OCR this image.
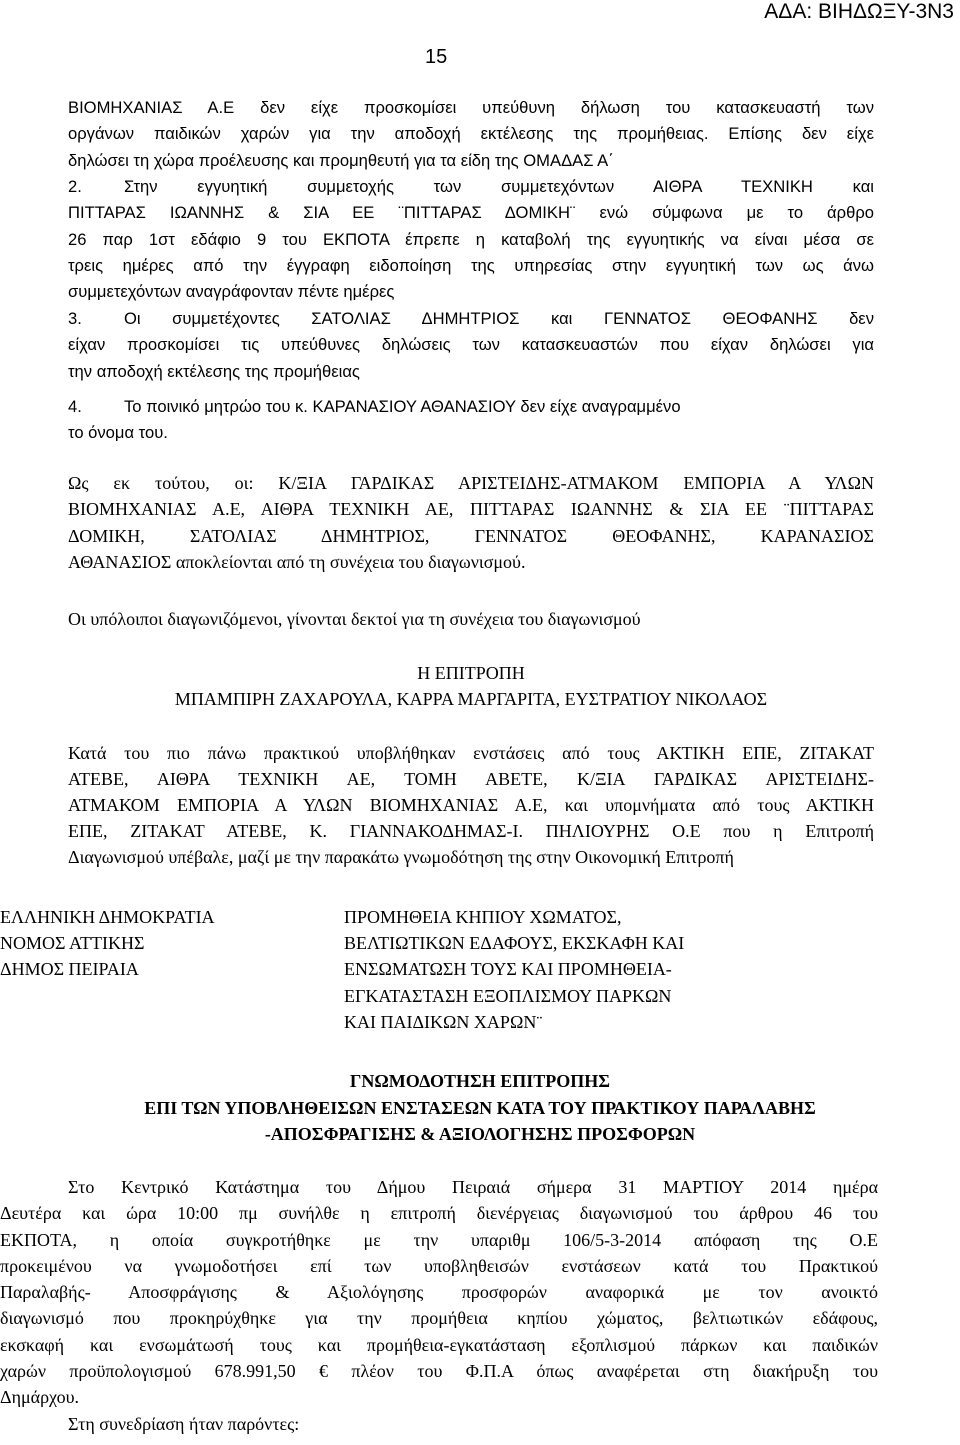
ΑΔΑ: ΒΙΗΔΩΞΥ-3Ν3
15
ΒΙΟΜΗΧΑΝΙΑΣ Α.Ε δεν είχε προσκομίσει υπεύθυνη δήλωση του κατασκευαστή των
οργάνων παιδικών χαρών για την αποδοχή εκτέλεσης της προμήθειας. Επίσης δεν είχε
δηλώσει τη χώρα προέλευσης και προμηθευτή για τα είδη της ΟΜΑΔΑΣ Α΄
2.	Στην εγγυητική συμμετοχής των συμμετεχόντων ΑΙΘΡΑ ΤΕΧΝΙΚΗ και
ΠΙΤΤΑΡΑΣ ΙΩΑΝΝΗΣ & ΣΙΑ ΕΕ ¨ΠΙΤΤΑΡΑΣ ΔΟΜΙΚΗ¨ ενώ σύμφωνα με το άρθρο
26 παρ 1στ εδάφιο 9 του ΕΚΠΟΤΑ έπρεπε η καταβολή της εγγυητικής να είναι μέσα σε
τρεις ημέρες από την έγγραφη ειδοποίηση της υπηρεσίας στην εγγυητική των ως άνω
συμμετεχόντων αναγράφονταν πέντε ημέρες
3.	Οι συμμετέχοντες ΣΑΤΟΛΙΑΣ ΔΗΜΗΤΡΙΟΣ και ΓΕΝΝΑΤΟΣ ΘΕΟΦΑΝΗΣ δεν
είχαν προσκομίσει τις υπεύθυνες δηλώσεις των κατασκευαστών που είχαν δηλώσει για
την αποδοχή εκτέλεσης της προμήθειας
4.	Το ποινικό μητρώο του κ. ΚΑΡΑΝΑΣΙΟΥ ΑΘΑΝΑΣΙΟΥ δεν είχε αναγραμμένο
το όνομα του.
Ως εκ τούτου, οι: Κ/ΞΙΑ ΓΑΡΔΙΚΑΣ ΑΡΙΣΤΕΙΔΗΣ-ΑΤΜΑΚΟΜ ΕΜΠΟΡΙΑ Α ΥΛΩΝ
ΒΙΟΜΗΧΑΝΙΑΣ Α.Ε, ΑΙΘΡΑ ΤΕΧΝΙΚΗ ΑΕ, ΠΙΤΤΑΡΑΣ ΙΩΑΝΝΗΣ & ΣΙΑ ΕΕ ¨ΠΙΤΤΑΡΑΣ
ΔΟΜΙΚΗ, ΣΑΤΟΛΙΑΣ ΔΗΜΗΤΡΙΟΣ, ΓΕΝΝΑΤΟΣ ΘΕΟΦΑΝΗΣ, ΚΑΡΑΝΑΣΙΟΣ
ΑΘΑΝΑΣΙΟΣ αποκλείονται από τη συνέχεια του διαγωνισμού.
Οι υπόλοιποι διαγωνιζόμενοι, γίνονται δεκτοί για τη συνέχεια του διαγωνισμού
Η ΕΠΙΤΡΟΠΗ
ΜΠΑΜΠΙΡΗ ΖΑΧΑΡΟΥΛΑ, ΚΑΡΡΑ ΜΑΡΓΑΡΙΤΑ, ΕΥΣΤΡΑΤΙΟΥ ΝΙΚΟΛΑΟΣ
Κατά του πιο πάνω πρακτικού υποβλήθηκαν ενστάσεις από τους ΑΚΤΙΚΗ ΕΠΕ, ΖΙΤΑΚΑΤ
ΑΤΕΒΕ, ΑΙΘΡΑ ΤΕΧΝΙΚΗ ΑΕ, ΤΟΜΗ ΑΒΕΤΕ, Κ/ΞΙΑ ΓΑΡΔΙΚΑΣ ΑΡΙΣΤΕΙΔΗΣ-
ΑΤΜΑΚΟΜ ΕΜΠΟΡΙΑ Α ΥΛΩΝ ΒΙΟΜΗΧΑΝΙΑΣ Α.Ε, και υπομνήματα από τους ΑΚΤΙΚΗ
ΕΠΕ, ΖΙΤΑΚΑΤ ΑΤΕΒΕ, Κ. ΓΙΑΝΝΑΚΟΔΗΜΑΣ-Ι. ΠΗΛΙΟΥΡΗΣ Ο.Ε που η Επιτροπή
Διαγωνισμού υπέβαλε, μαζί με την παρακάτω γνωμοδότηση της στην Οικονομική Επιτροπή
ΕΛΛΗΝΙΚΗ ΔΗΜΟΚΡΑΤΙΑ
ΝΟΜΟΣ ΑΤΤΙΚΗΣ
ΔΗΜΟΣ ΠΕΙΡΑΙΑ
ΠΡΟΜΗΘΕΙΑ ΚΗΠΙΟΥ ΧΩΜΑΤΟΣ,
ΒΕΛΤΙΩΤΙΚΩΝ ΕΔΑΦΟΥΣ, ΕΚΣΚΑΦΗ ΚΑΙ
ΕΝΣΩΜΑΤΩΣΗ ΤΟΥΣ ΚΑΙ ΠΡΟΜΗΘΕΙΑ-
ΕΓΚΑΤΑΣΤΑΣΗ ΕΞΟΠΛΙΣΜΟΥ ΠΑΡΚΩΝ
ΚΑΙ ΠΑΙΔΙΚΩΝ ΧΑΡΩΝ¨
ΓΝΩΜΟΔΟΤΗΣΗ ΕΠΙΤΡΟΠΗΣ
ΕΠΙ ΤΩΝ ΥΠΟΒΛΗΘΕΙΣΩΝ ΕΝΣΤΑΣΕΩΝ ΚΑΤΑ ΤΟΥ ΠΡΑΚΤΙΚΟΥ ΠΑΡΑΛΑΒΗΣ
-ΑΠΟΣΦΡΑΓΙΣΗΣ & ΑΞΙΟΛΟΓΗΣΗΣ ΠΡΟΣΦΟΡΩΝ
Στο Κεντρικό Κατάστημα του Δήμου Πειραιά σήμερα 31 ΜΑΡΤΙΟΥ 2014 ημέρα
Δευτέρα και ώρα 10:00 πμ συνήλθε η επιτροπή διενέργειας διαγωνισμού του άρθρου 46 του
ΕΚΠΟΤΑ, η οποία συγκροτήθηκε με την υπαριθμ 106/5-3-2014 απόφαση της Ο.Ε
προκειμένου να γνωμοδοτήσει επί των υποβληθεισών ενστάσεων κατά του Πρακτικού
Παραλαβής- Αποσφράγισης & Αξιολόγησης προσφορών αναφορικά με τον ανοικτό
διαγωνισμό που προκηρύχθηκε για την προμήθεια κηπίου χώματος, βελτιωτικών εδάφους,
εκσκαφή και ενσωμάτωσή τους και προμήθεια-εγκατάσταση εξοπλισμού πάρκων και παιδικών
χαρών προϋπολογισμού 678.991,50 € πλέον του Φ.Π.Α όπως αναφέρεται στη διακήρυξη του
Δημάρχου.
Στη συνεδρίαση ήταν παρόντες:
